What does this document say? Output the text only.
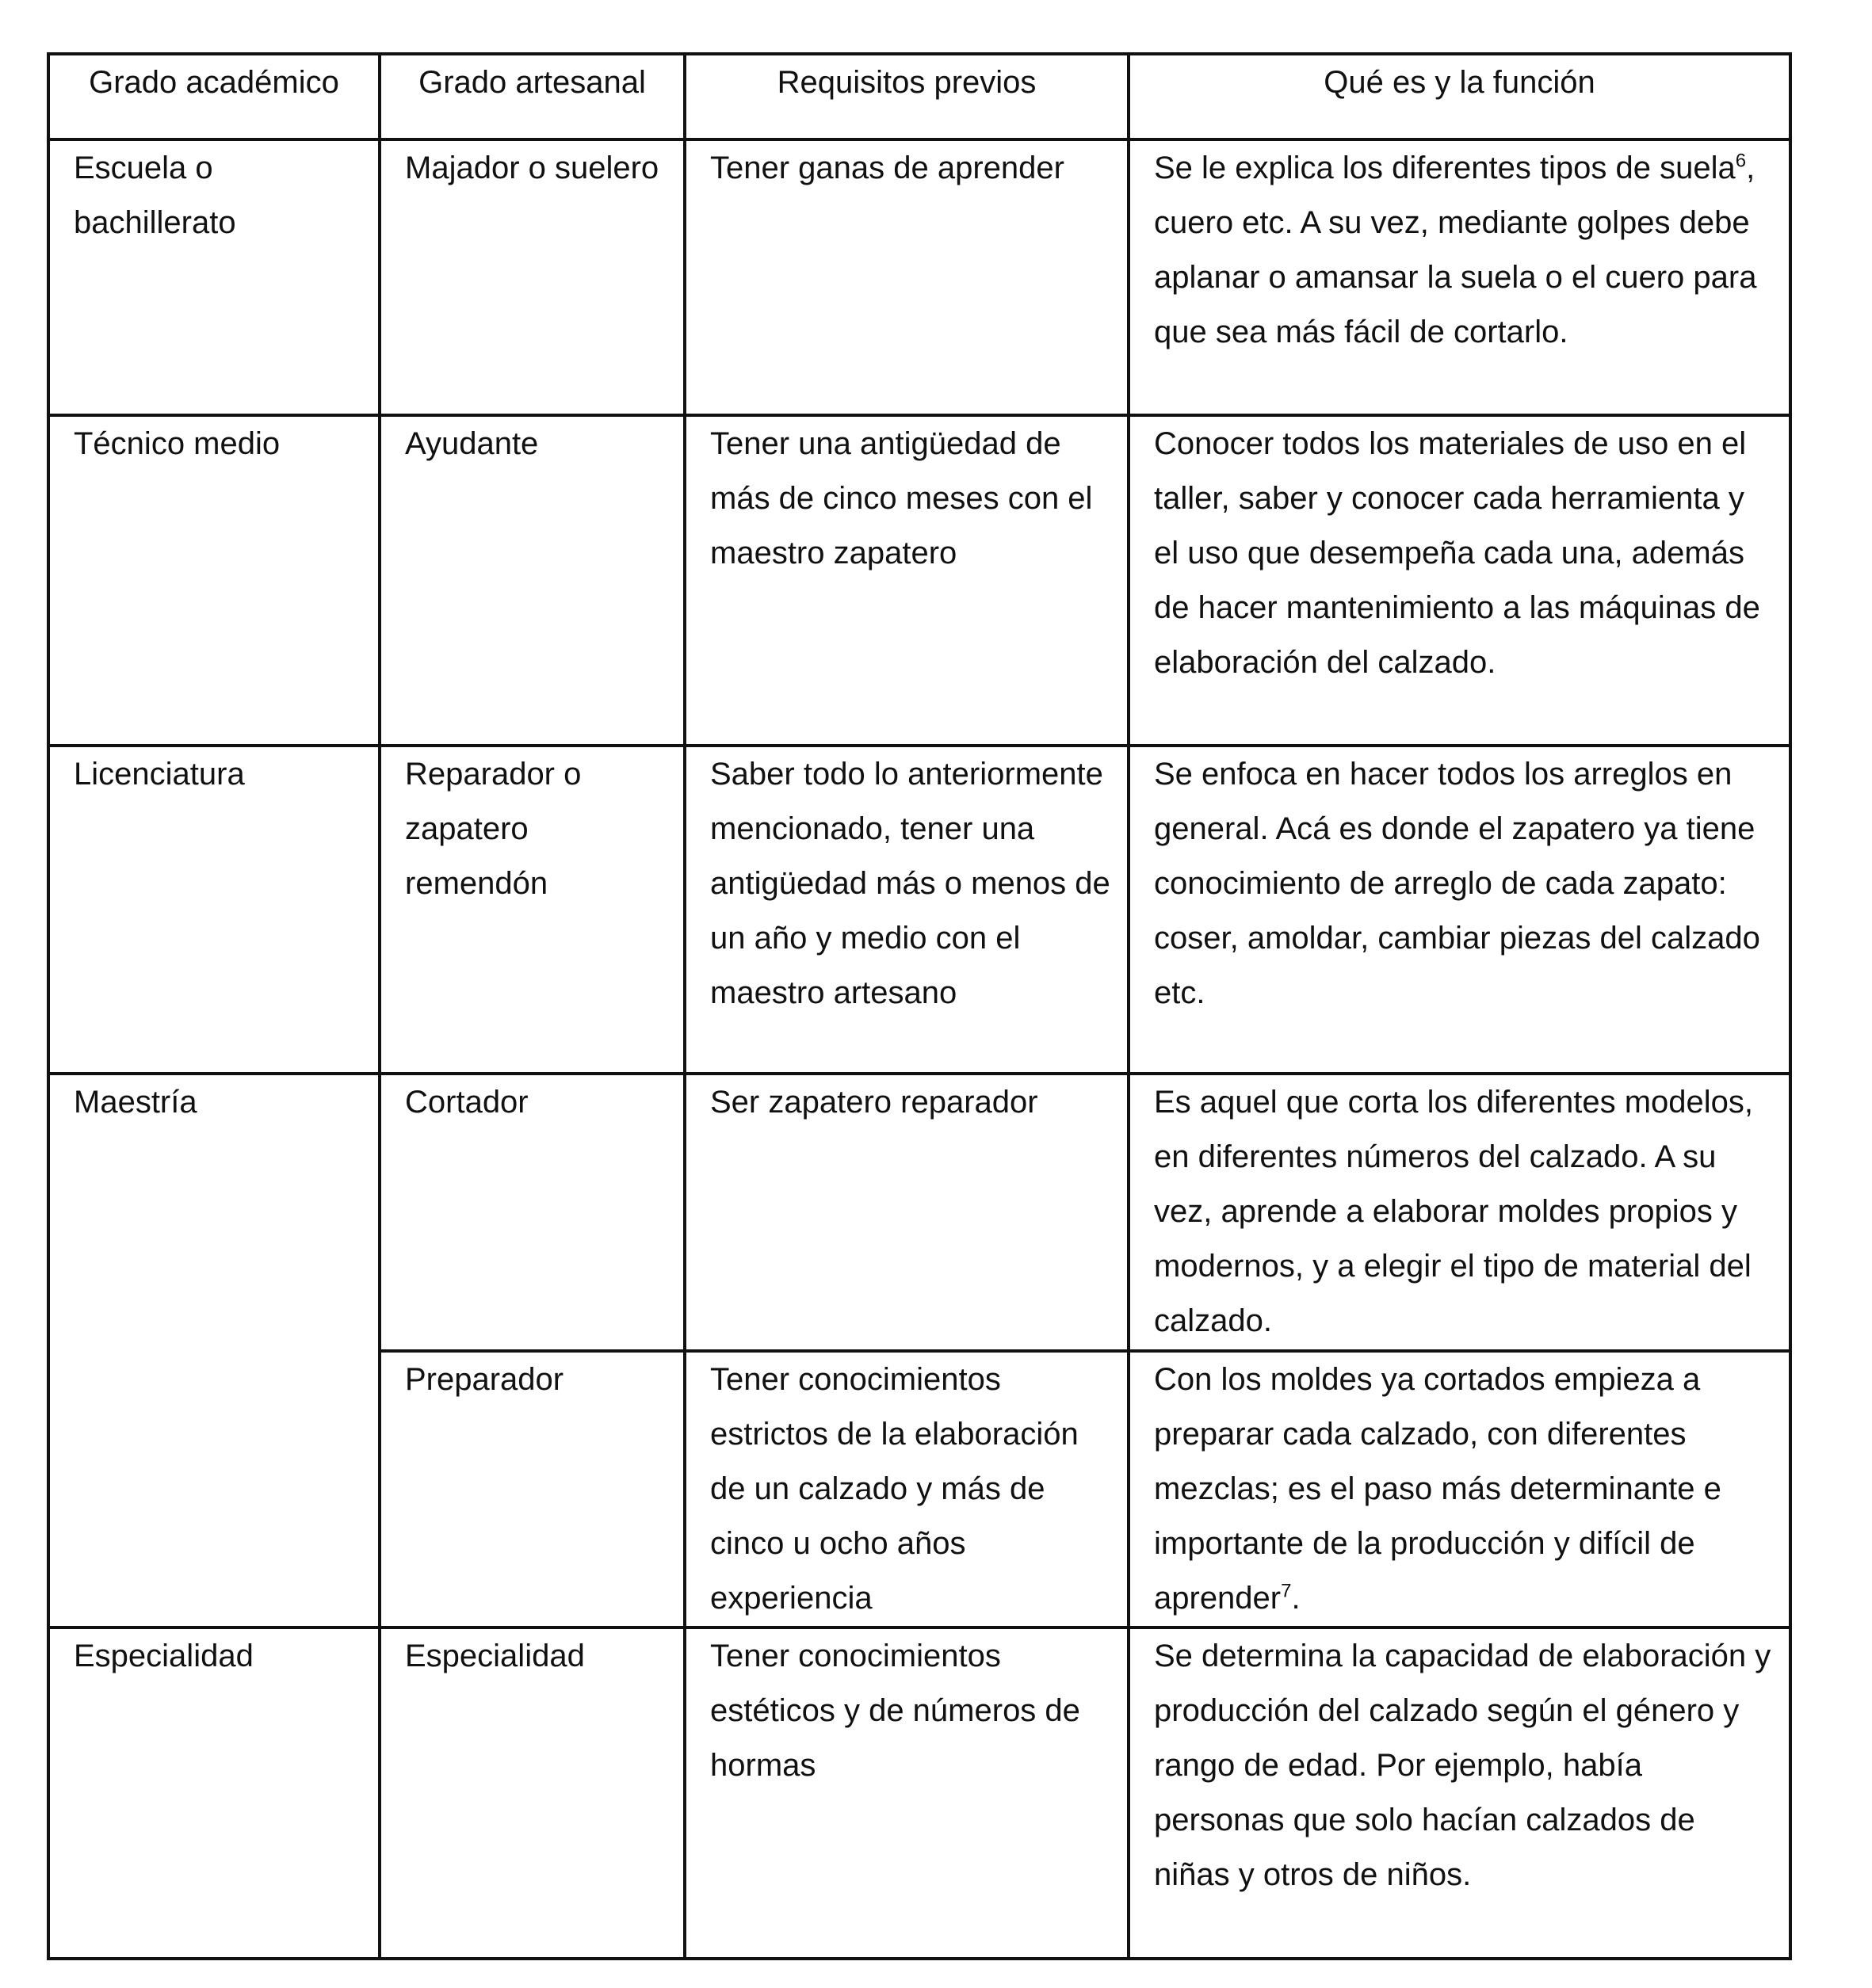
Grado académico	Grado artesanal	Requisitos previos	Qué es y la función
Escuela o bachillerato	Majador o suelero	Tener ganas de aprender	Se le explica los diferentes tipos de suela$^6$, cuero etc. A su vez, mediante golpes debe aplanar o amansar la suela o el cuero para que sea más fácil de cortarlo.
Técnico medio	Ayudante	Tener una antigüedad de más de cinco meses con el maestro zapatero	Conocer todos los materiales de uso en el taller, saber y conocer cada herramienta y el uso que desempeña cada una, además de hacer mantenimiento a las máquinas de elaboración del calzado.
Licenciatura	Reparador o zapatero remendón	Saber todo lo anteriormente mencionado, tener una antigüedad más o menos de un año y medio con el maestro artesano	Se enfoca en hacer todos los arreglos en general. Acá es donde el zapatero ya tiene conocimiento de arreglo de cada zapato: coser, amoldar, cambiar piezas del calzado etc.
Maestría	Cortador	Ser zapatero reparador	Es aquel que corta los diferentes modelos, en diferentes números del calzado. A su vez, aprende a elaborar moldes propios y modernos, y a elegir el tipo de material del calzado.
	Preparador	Tener conocimientos estrictos de la elaboración de un calzado y más de cinco u ocho años experiencia	Con los moldes ya cortados empieza a preparar cada calzado, con diferentes mezclas; es el paso más determinante e importante de la producción y difícil de aprender$^7$.
Especialidad	Especialidad	Tener conocimientos estéticos y de números de hormas	Se determina la capacidad de elaboración y producción del calzado según el género y rango de edad. Por ejemplo, había personas que solo hacían calzados de niñas y otros de niños.
